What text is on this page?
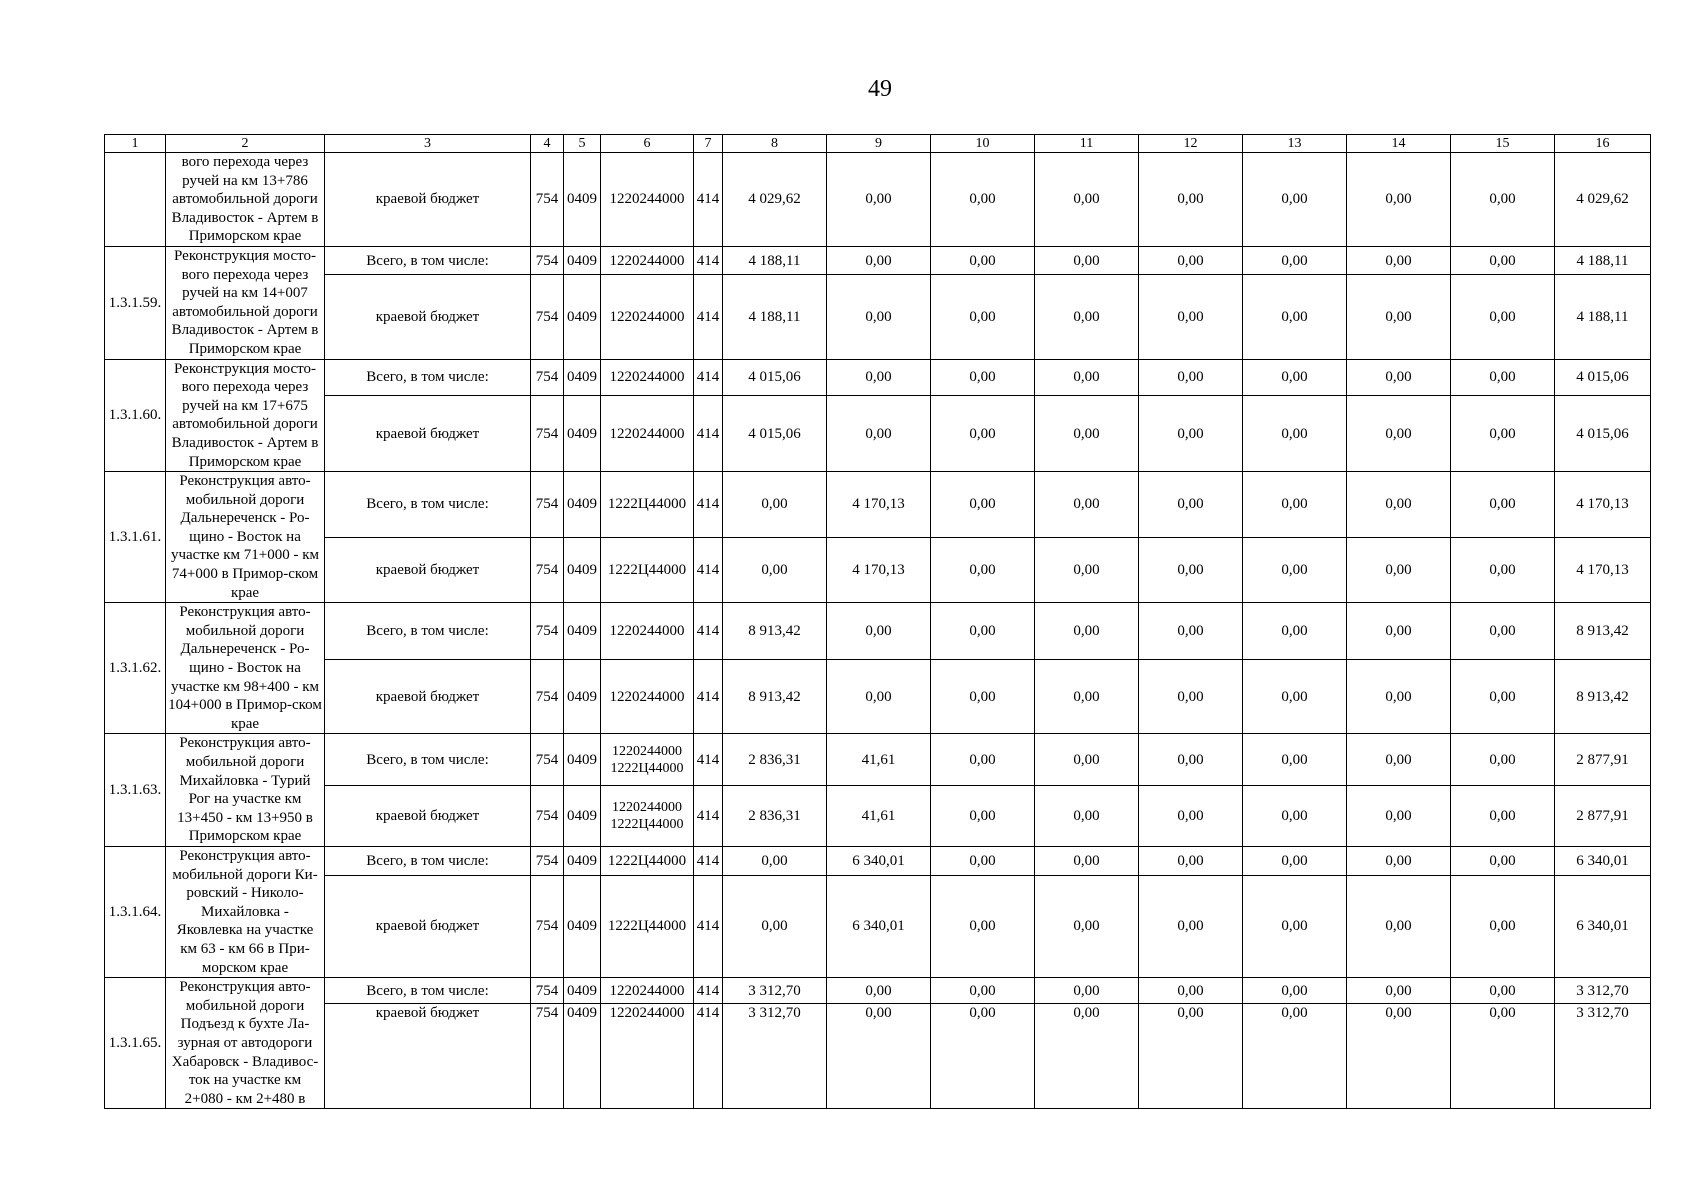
49
1	2	3	4	5	6	7	8	9	10	11	12	13	14	15	16
	вого перехода через ручей на км 13+786 автомобильной дороги Владивосток - Артем в Приморском крае	краевой бюджет	754	0409	1220244000	414	4 029,62	0,00	0,00	0,00	0,00	0,00	0,00	0,00	4 029,62
1.3.1.59.	Реконструкция мосто-вого перехода через ручей на км 14+007 автомобильной дороги Владивосток - Артем в Приморском крае	Всего, в том числе:	754	0409	1220244000	414	4 188,11	0,00	0,00	0,00	0,00	0,00	0,00	0,00	4 188,11
		краевой бюджет	754	0409	1220244000	414	4 188,11	0,00	0,00	0,00	0,00	0,00	0,00	0,00	4 188,11
1.3.1.60.	Реконструкция мосто-вого перехода через ручей на км 17+675 автомобильной дороги Владивосток - Артем в Приморском крае	Всего, в том числе:	754	0409	1220244000	414	4 015,06	0,00	0,00	0,00	0,00	0,00	0,00	0,00	4 015,06
		краевой бюджет	754	0409	1220244000	414	4 015,06	0,00	0,00	0,00	0,00	0,00	0,00	0,00	4 015,06
1.3.1.61.	Реконструкция авто-мобильной дороги Дальнереченск - Ро-щино - Восток на участке км 71+000 - км 74+000 в Примор-ском крае	Всего, в том числе:	754	0409	1222Ц44000	414	0,00	4 170,13	0,00	0,00	0,00	0,00	0,00	0,00	4 170,13
		краевой бюджет	754	0409	1222Ц44000	414	0,00	4 170,13	0,00	0,00	0,00	0,00	0,00	0,00	4 170,13
1.3.1.62.	Реконструкция авто-мобильной дороги Дальнереченск - Ро-щино - Восток на участке км 98+400 - км 104+000 в Примор-ском крае	Всего, в том числе:	754	0409	1220244000	414	8 913,42	0,00	0,00	0,00	0,00	0,00	0,00	0,00	8 913,42
		краевой бюджет	754	0409	1220244000	414	8 913,42	0,00	0,00	0,00	0,00	0,00	0,00	0,00	8 913,42
1.3.1.63.	Реконструкция авто-мобильной дороги Михайловка - Турий Рог на участке км 13+450 - км 13+950 в Приморском крае	Всего, в том числе:	754	0409	1220244000 1222Ц44000	414	2 836,31	41,61	0,00	0,00	0,00	0,00	0,00	0,00	2 877,91
		краевой бюджет	754	0409	1220244000 1222Ц44000	414	2 836,31	41,61	0,00	0,00	0,00	0,00	0,00	0,00	2 877,91
1.3.1.64.	Реконструкция авто-мобильной дороги Ки-ровский - Николо-Михайловка - Яковлевка на участке км 63 - км 66 в При-морском крае	Всего, в том числе:	754	0409	1222Ц44000	414	0,00	6 340,01	0,00	0,00	0,00	0,00	0,00	0,00	6 340,01
		краевой бюджет	754	0409	1222Ц44000	414	0,00	6 340,01	0,00	0,00	0,00	0,00	0,00	0,00	6 340,01
1.3.1.65.	Реконструкция авто-мобильной дороги Подъезд к бухте Ла-зурная от автодороги Хабаровск - Владивос-ток на участке км 2+080 - км 2+480 в	Всего, в том числе:	754	0409	1220244000	414	3 312,70	0,00	0,00	0,00	0,00	0,00	0,00	0,00	3 312,70
		краевой бюджет	754	0409	1220244000	414	3 312,70	0,00	0,00	0,00	0,00	0,00	0,00	0,00	3 312,70
